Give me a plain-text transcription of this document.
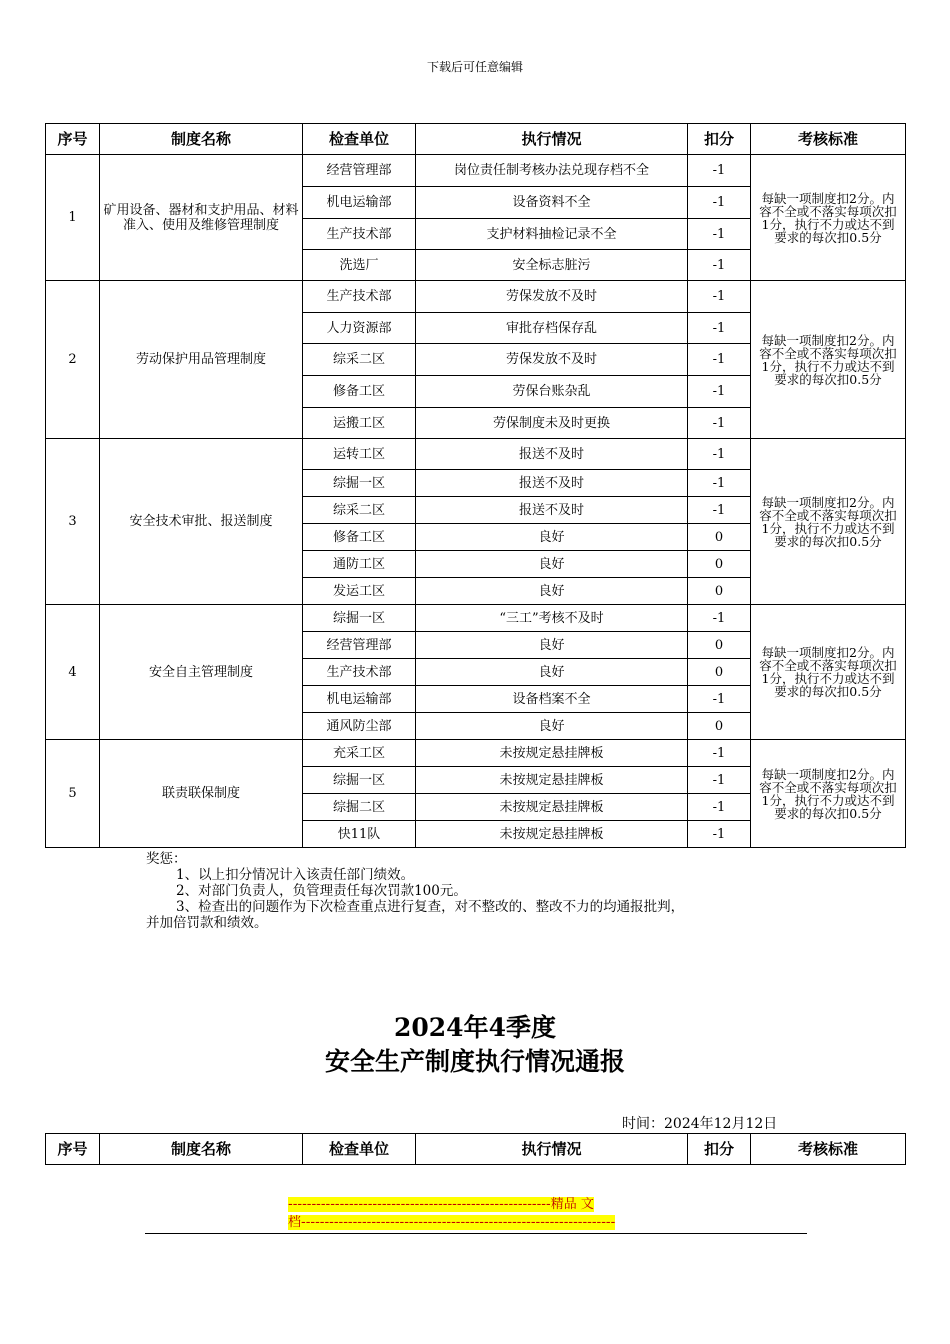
下载后可任意编辑
序号	制度名称	检查单位	执行情况	扣分	考核标准
1	矿用设备、器材和支护用品、材料准入、使用及维修管理制度	经营管理部	岗位责任制考核办法兑现存档不全	-1	每缺一项制度扣2分。内容不全或不落实每项次扣1分，执行不力或达不到要求的每次扣0.5分
		机电运输部	设备资料不全	-1	
		生产技术部	支护材料抽检记录不全	-1	
		洗选厂	安全标志脏污	-1	
2	劳动保护用品管理制度	生产技术部	劳保发放不及时	-1	每缺一项制度扣2分。内容不全或不落实每项次扣1分，执行不力或达不到要求的每次扣0.5分
		人力资源部	审批存档保存乱	-1	
		综采二区	劳保发放不及时	-1	
		修备工区	劳保台账杂乱	-1	
		运搬工区	劳保制度未及时更换	-1	
3	安全技术审批、报送制度	运转工区	报送不及时	-1	每缺一项制度扣2分。内容不全或不落实每项次扣1分，执行不力或达不到要求的每次扣0.5分
		综掘一区	报送不及时	-1	
		综采二区	报送不及时	-1	
		修备工区	良好	0	
		通防工区	良好	0	
		发运工区	良好	0	
4	安全自主管理制度	综掘一区	“三工”考核不及时	-1	每缺一项制度扣2分。内容不全或不落实每项次扣1分，执行不力或达不到要求的每次扣0.5分
		经营管理部	良好	0	
		生产技术部	良好	0	
		机电运输部	设备档案不全	-1	
		通风防尘部	良好	0	
5	联责联保制度	充采工区	未按规定悬挂牌板	-1	每缺一项制度扣2分。内容不全或不落实每项次扣1分，执行不力或达不到要求的每次扣0.5分
		综掘一区	未按规定悬挂牌板	-1	
		综掘二区	未按规定悬挂牌板	-1	
		快11队	未按规定悬挂牌板	-1	
奖惩：
1、以上扣分情况计入该责任部门绩效。
2、对部门负责人，负管理责任每次罚款100元。
3、检查出的问题作为下次检查重点进行复查，对不整改的、整改不力的均通报批判，
并加倍罚款和绩效。
2024年4季度
安全生产制度执行情况通报
时间：2024年12月12日
序号	制度名称	检查单位	执行情况	扣分	考核标准
--------------------------------------------------------精品 文
档-------------------------------------------------------------------
